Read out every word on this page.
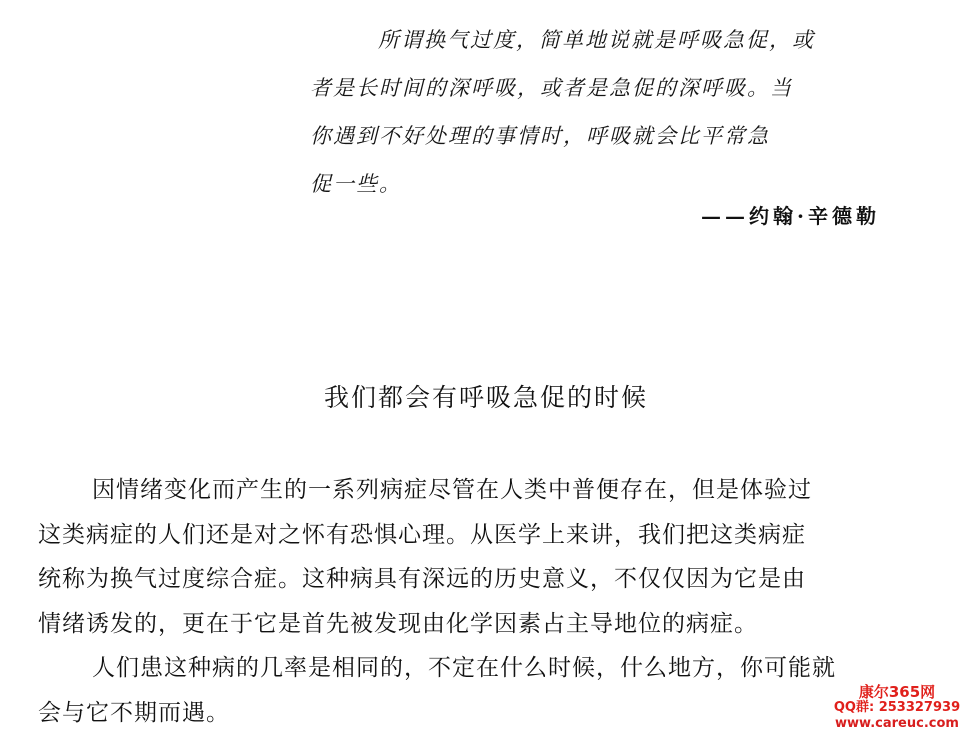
所谓换气过度，简单地说就是呼吸急促，或
者是长时间的深呼吸，或者是急促的深呼吸。当
你遇到不好处理的事情时，呼吸就会比平常急
促一些。
——约翰·辛德勒
我们都会有呼吸急促的时候
因情绪变化而产生的一系列病症尽管在人类中普便存在，但是体验过
这类病症的人们还是对之怀有恐惧心理。从医学上来讲，我们把这类病症
统称为换气过度综合症。这种病具有深远的历史意义，不仅仅因为它是由
情绪诱发的，更在于它是首先被发现由化学因素占主导地位的病症。
人们患这种病的几率是相同的，不定在什么时候，什么地方，你可能就
会与它不期而遇。
康尔365网
QQ群: 253327939
www.careuc.com
